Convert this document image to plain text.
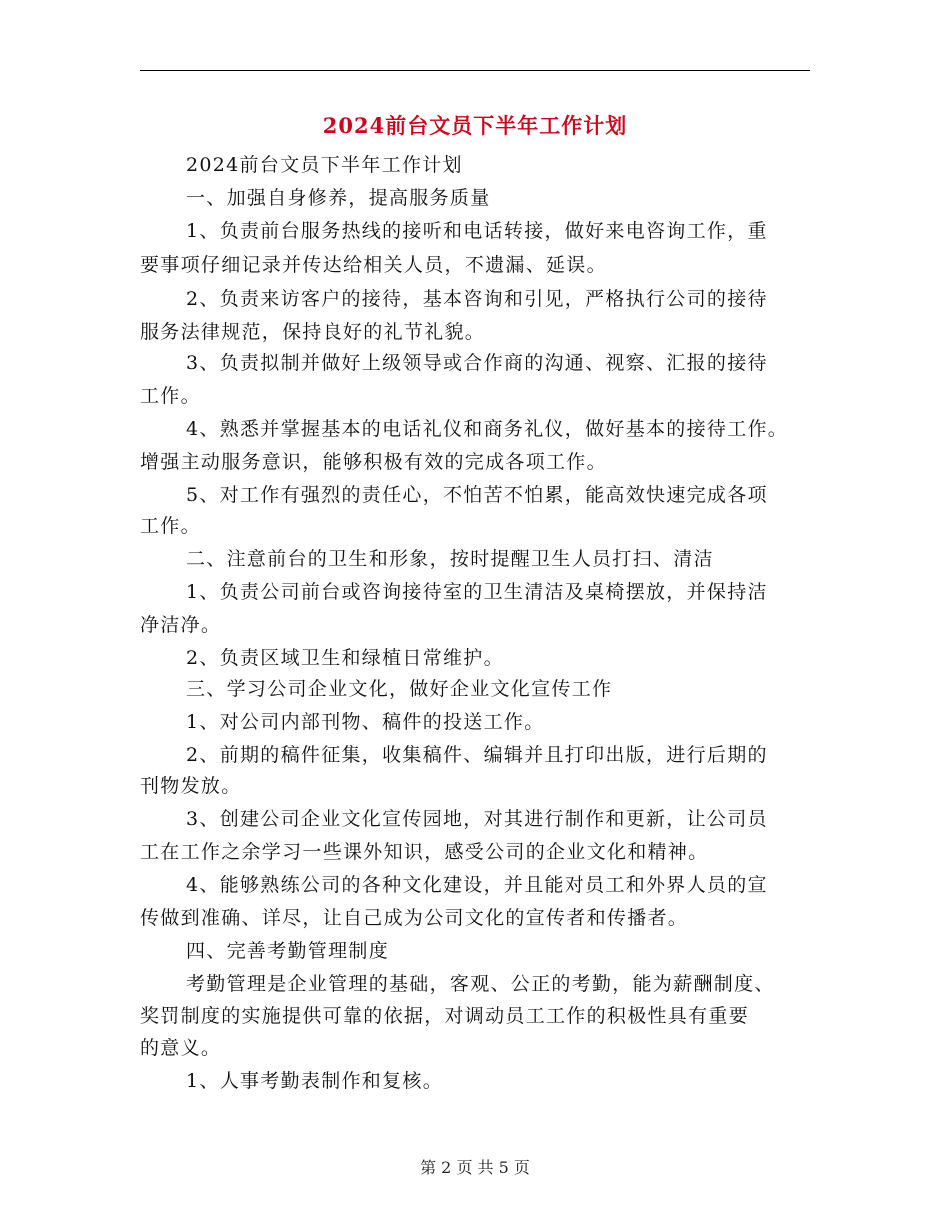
2024前台文员下半年工作计划
2024前台文员下半年工作计划
一、加强自身修养，提高服务质量
1、负责前台服务热线的接听和电话转接，做好来电咨询工作，重
要事项仔细记录并传达给相关人员，不遗漏、延误。
2、负责来访客户的接待，基本咨询和引见，严格执行公司的接待
服务法律规范，保持良好的礼节礼貌。
3、负责拟制并做好上级领导或合作商的沟通、视察、汇报的接待
工作。
4、熟悉并掌握基本的电话礼仪和商务礼仪，做好基本的接待工作。
增强主动服务意识，能够积极有效的完成各项工作。
5、对工作有强烈的责任心，不怕苦不怕累，能高效快速完成各项
工作。
二、注意前台的卫生和形象，按时提醒卫生人员打扫、清洁
1、负责公司前台或咨询接待室的卫生清洁及桌椅摆放，并保持洁
净洁净。
2、负责区域卫生和绿植日常维护。
三、学习公司企业文化，做好企业文化宣传工作
1、对公司内部刊物、稿件的投送工作。
2、前期的稿件征集，收集稿件、编辑并且打印出版，进行后期的
刊物发放。
3、创建公司企业文化宣传园地，对其进行制作和更新，让公司员
工在工作之余学习一些课外知识，感受公司的企业文化和精神。
4、能够熟练公司的各种文化建设，并且能对员工和外界人员的宣
传做到准确、详尽，让自己成为公司文化的宣传者和传播者。
四、完善考勤管理制度
考勤管理是企业管理的基础，客观、公正的考勤，能为薪酬制度、
奖罚制度的实施提供可靠的依据，对调动员工工作的积极性具有重要
的意义。
1、人事考勤表制作和复核。
第 2 页 共 5 页
